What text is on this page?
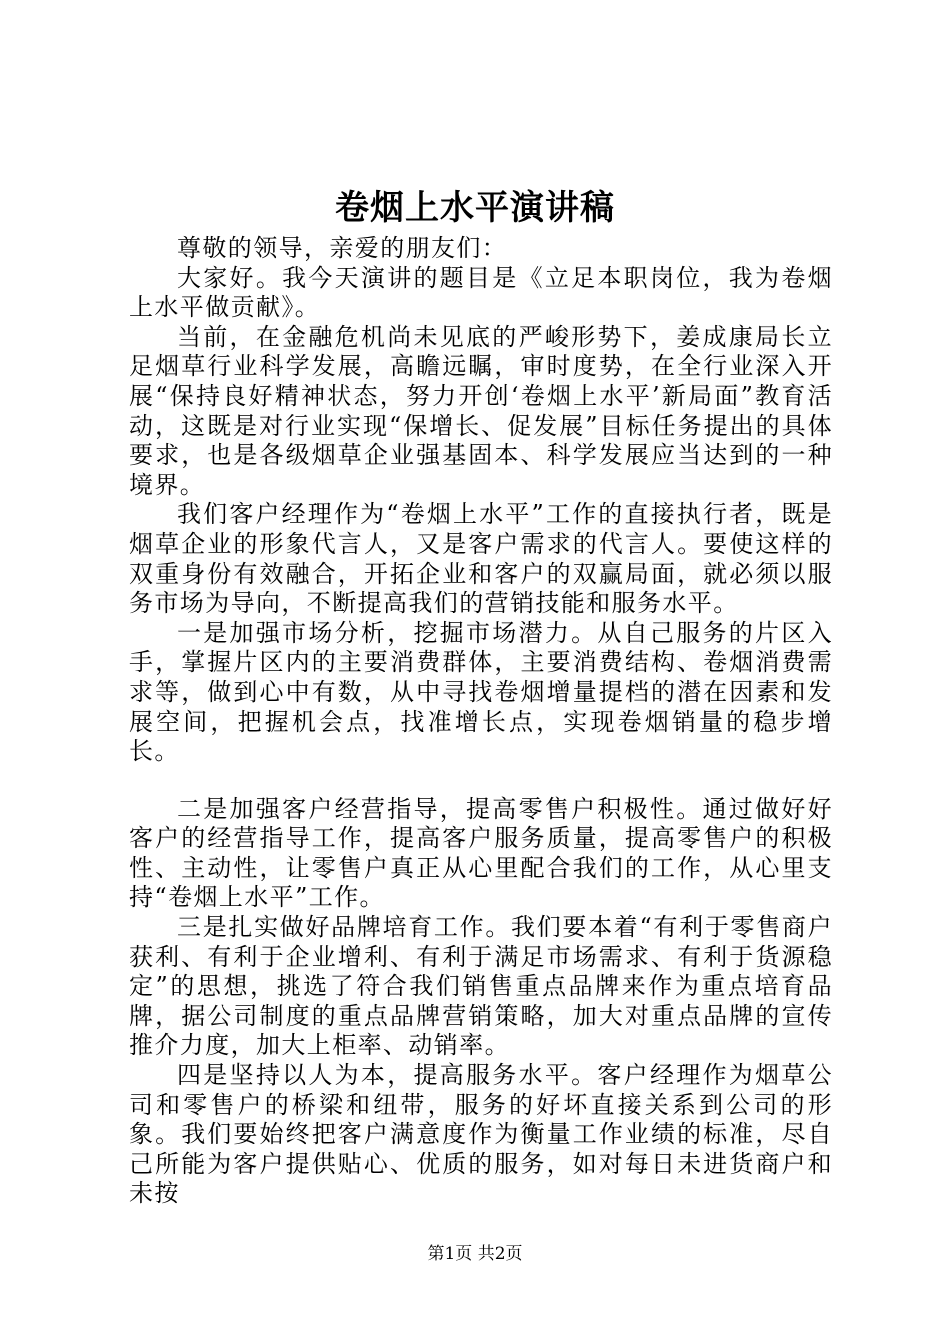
卷烟上水平演讲稿

尊敬的领导，亲爱的朋友们：

大家好。我今天演讲的题目是《立足本职岗位，我为卷烟上水平做贡献》。

当前，在金融危机尚未见底的严峻形势下，姜成康局长立足烟草行业科学发展，高瞻远瞩，审时度势，在全行业深入开展“保持良好精神状态，努力开创‘卷烟上水平’新局面”教育活动，这既是对行业实现“保增长、促发展”目标任务提出的具体要求，也是各级烟草企业强基固本、科学发展应当达到的一种境界。

我们客户经理作为“卷烟上水平”工作的直接执行者，既是烟草企业的形象代言人，又是客户需求的代言人。要使这样的双重身份有效融合，开拓企业和客户的双赢局面，就必须以服务市场为导向，不断提高我们的营销技能和服务水平。

一是加强市场分析，挖掘市场潜力。从自己服务的片区入手，掌握片区内的主要消费群体，主要消费结构、卷烟消费需求等，做到心中有数，从中寻找卷烟增量提档的潜在因素和发展空间，把握机会点，找准增长点，实现卷烟销量的稳步增长。

二是加强客户经营指导，提高零售户积极性。通过做好好客户的经营指导工作，提高客户服务质量，提高零售户的积极性、主动性，让零售户真正从心里配合我们的工作，从心里支持“卷烟上水平”工作。

三是扎实做好品牌培育工作。我们要本着“有利于零售商户获利、有利于企业增利、有利于满足市场需求、有利于货源稳定”的思想，挑选了符合我们销售重点品牌来作为重点培育品牌，据公司制度的重点品牌营销策略，加大对重点品牌的宣传推介力度，加大上柜率、动销率。

四是坚持以人为本，提高服务水平。客户经理作为烟草公司和零售户的桥梁和纽带，服务的好坏直接关系到公司的形象。我们要始终把客户满意度作为衡量工作业绩的标准，尽自己所能为客户提供贴心、优质的服务，如对每日未进货商户和未按

第1页 共2页
